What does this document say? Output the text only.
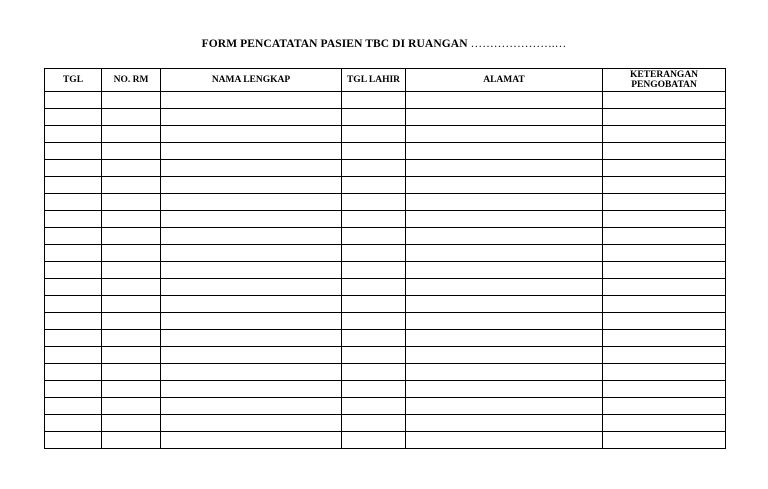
FORM PENCATATAN PASIEN TBC DI RUANGAN ………………….…
TGL	NO. RM	NAMA LENGKAP	TGL LAHIR	ALAMAT	KETERANGAN PENGOBATAN
